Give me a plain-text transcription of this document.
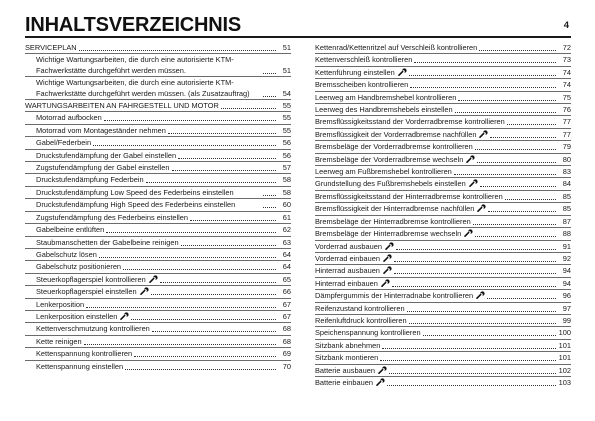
INHALTSVERZEICHNIS	4
SERVICEPLAN	51
Wichtige Wartungsarbeiten, die durch eine autorisierte KTM-Fachwerkstätte durchgeführt werden müssen.	51
Wichtige Wartungsarbeiten, die durch eine autorisierte KTM-Fachwerkstätte durchgeführt werden müssen. (als Zusatzauftrag)	54
WARTUNGSARBEITEN AN FAHRGESTELL UND MOTOR	55
Motorrad aufbocken	55
Motorrad vom Montageständer nehmen	55
Gabel/Federbein	56
Druckstufendämpfung der Gabel einstellen	56
Zugstufendämpfung der Gabel einstellen	57
Druckstufendämpfung Federbein	58
Druckstufendämpfung Low Speed des Federbeins einstellen	58
Druckstufendämpfung High Speed des Federbeins einstellen	60
Zugstufendämpfung des Federbeins einstellen	61
Gabelbeine entlüften	62
Staubmanschetten der Gabelbeine reinigen	63
Gabelschutz lösen	64
Gabelschutz positionieren	64
Steuerkopflagerspiel kontrollieren	65
Steuerkopflagerspiel einstellen	66
Lenkerposition	67
Lenkerposition einstellen	67
Kettenverschmutzung kontrollieren	68
Kette reinigen	68
Kettenspannung kontrollieren	69
Kettenspannung einstellen	70
Kettenrad/Kettenritzel auf Verschleiß kontrollieren	72
Kettenverschleiß kontrollieren	73
Kettenführung einstellen	74
Bremsscheiben kontrollieren	74
Leerweg am Handbremshebel kontrollieren	75
Leerweg des Handbremshebels einstellen	76
Bremsflüssigkeitsstand der Vorderradbremse kontrollieren	77
Bremsflüssigkeit der Vorderradbremse nachfüllen	77
Bremsbeläge der Vorderradbremse kontrollieren	79
Bremsbeläge der Vorderradbremse wechseln	80
Leerweg am Fußbremshebel kontrollieren	83
Grundstellung des Fußbremshebels einstellen	84
Bremsflüssigkeitsstand der Hinterradbremse kontrollieren	85
Bremsflüssigkeit der Hinterradbremse nachfüllen	85
Bremsbeläge der Hinterradbremse kontrollieren	87
Bremsbeläge der Hinterradbremse wechseln	88
Vorderrad ausbauen	91
Vorderrad einbauen	92
Hinterrad ausbauen	94
Hinterrad einbauen	94
Dämpfergummis der Hinterradnabe kontrollieren	96
Reifenzustand kontrollieren	97
Reifenluftdruck kontrollieren	99
Speichenspannung kontrollieren	100
Sitzbank abnehmen	101
Sitzbank montieren	101
Batterie ausbauen	102
Batterie einbauen	103
